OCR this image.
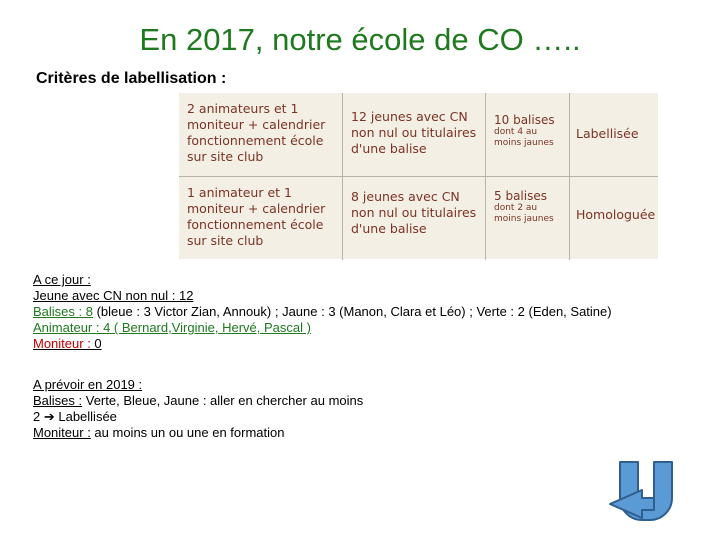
En 2017, notre école de CO …..
Critères de labellisation :
2 animateurs et 1
moniteur + calendrier
fonctionnement école
sur site club
12 jeunes avec CN
non nul ou titulaires
d'une balise
10 balises
dont 4 au
moins jaunes
Labellisée
1 animateur et 1
moniteur + calendrier
fonctionnement école
sur site club
8 jeunes avec CN
non nul ou titulaires
d'une balise
5 balises
dont 2 au
moins jaunes	Homologuée
A ce jour :
Jeune avec CN non nul : 12
Balises : 8 (bleue : 3 Victor Zian, Annouk) ; Jaune : 3 (Manon, Clara et Léo) ; Verte : 2 (Eden, Satine)
Animateur : 4 ( Bernard,Virginie, Hervé, Pascal )
Moniteur : 0
A prévoir en 2019 :
Balises : Verte, Bleue, Jaune : aller en chercher au moins
2 ➔ Labellisée
Moniteur : au moins un ou une en formation
